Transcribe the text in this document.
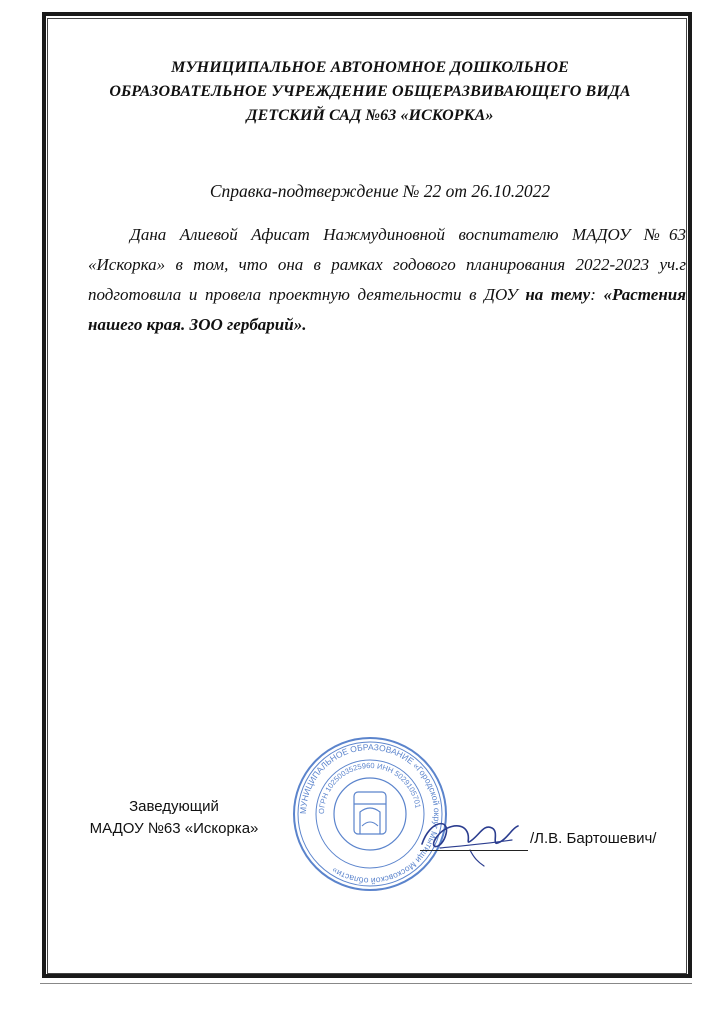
МУНИЦИПАЛЬНОЕ АВТОНОМНОЕ ДОШКОЛЬНОЕ
ОБРАЗОВАТЕЛЬНОЕ УЧРЕЖДЕНИЕ ОБЩЕРАЗВИВАЮЩЕГО ВИДА
ДЕТСКИЙ САД №63 «ИСКОРКА»
Справка-подтверждение № 22 от 26.10.2022
Дана Алиевой Афисат Нажмудиновной воспитателю МАДОУ №63 «Искорка» в том, что она в рамках годового планирования 2022-2023 уч.г подготовила и провела проектную деятельности в ДОУ на тему: «Растения нашего края. ЗОО гербарий».
Заведующий
МАДОУ №63 «Искорка»
МУНИЦИПАЛЬНОЕ ОБРАЗОВАНИЕ «Городской округ Мытищи Московской области»
ОГРН 1025003525960 ИНН 5029105701
/Л.В. Бартошевич/
